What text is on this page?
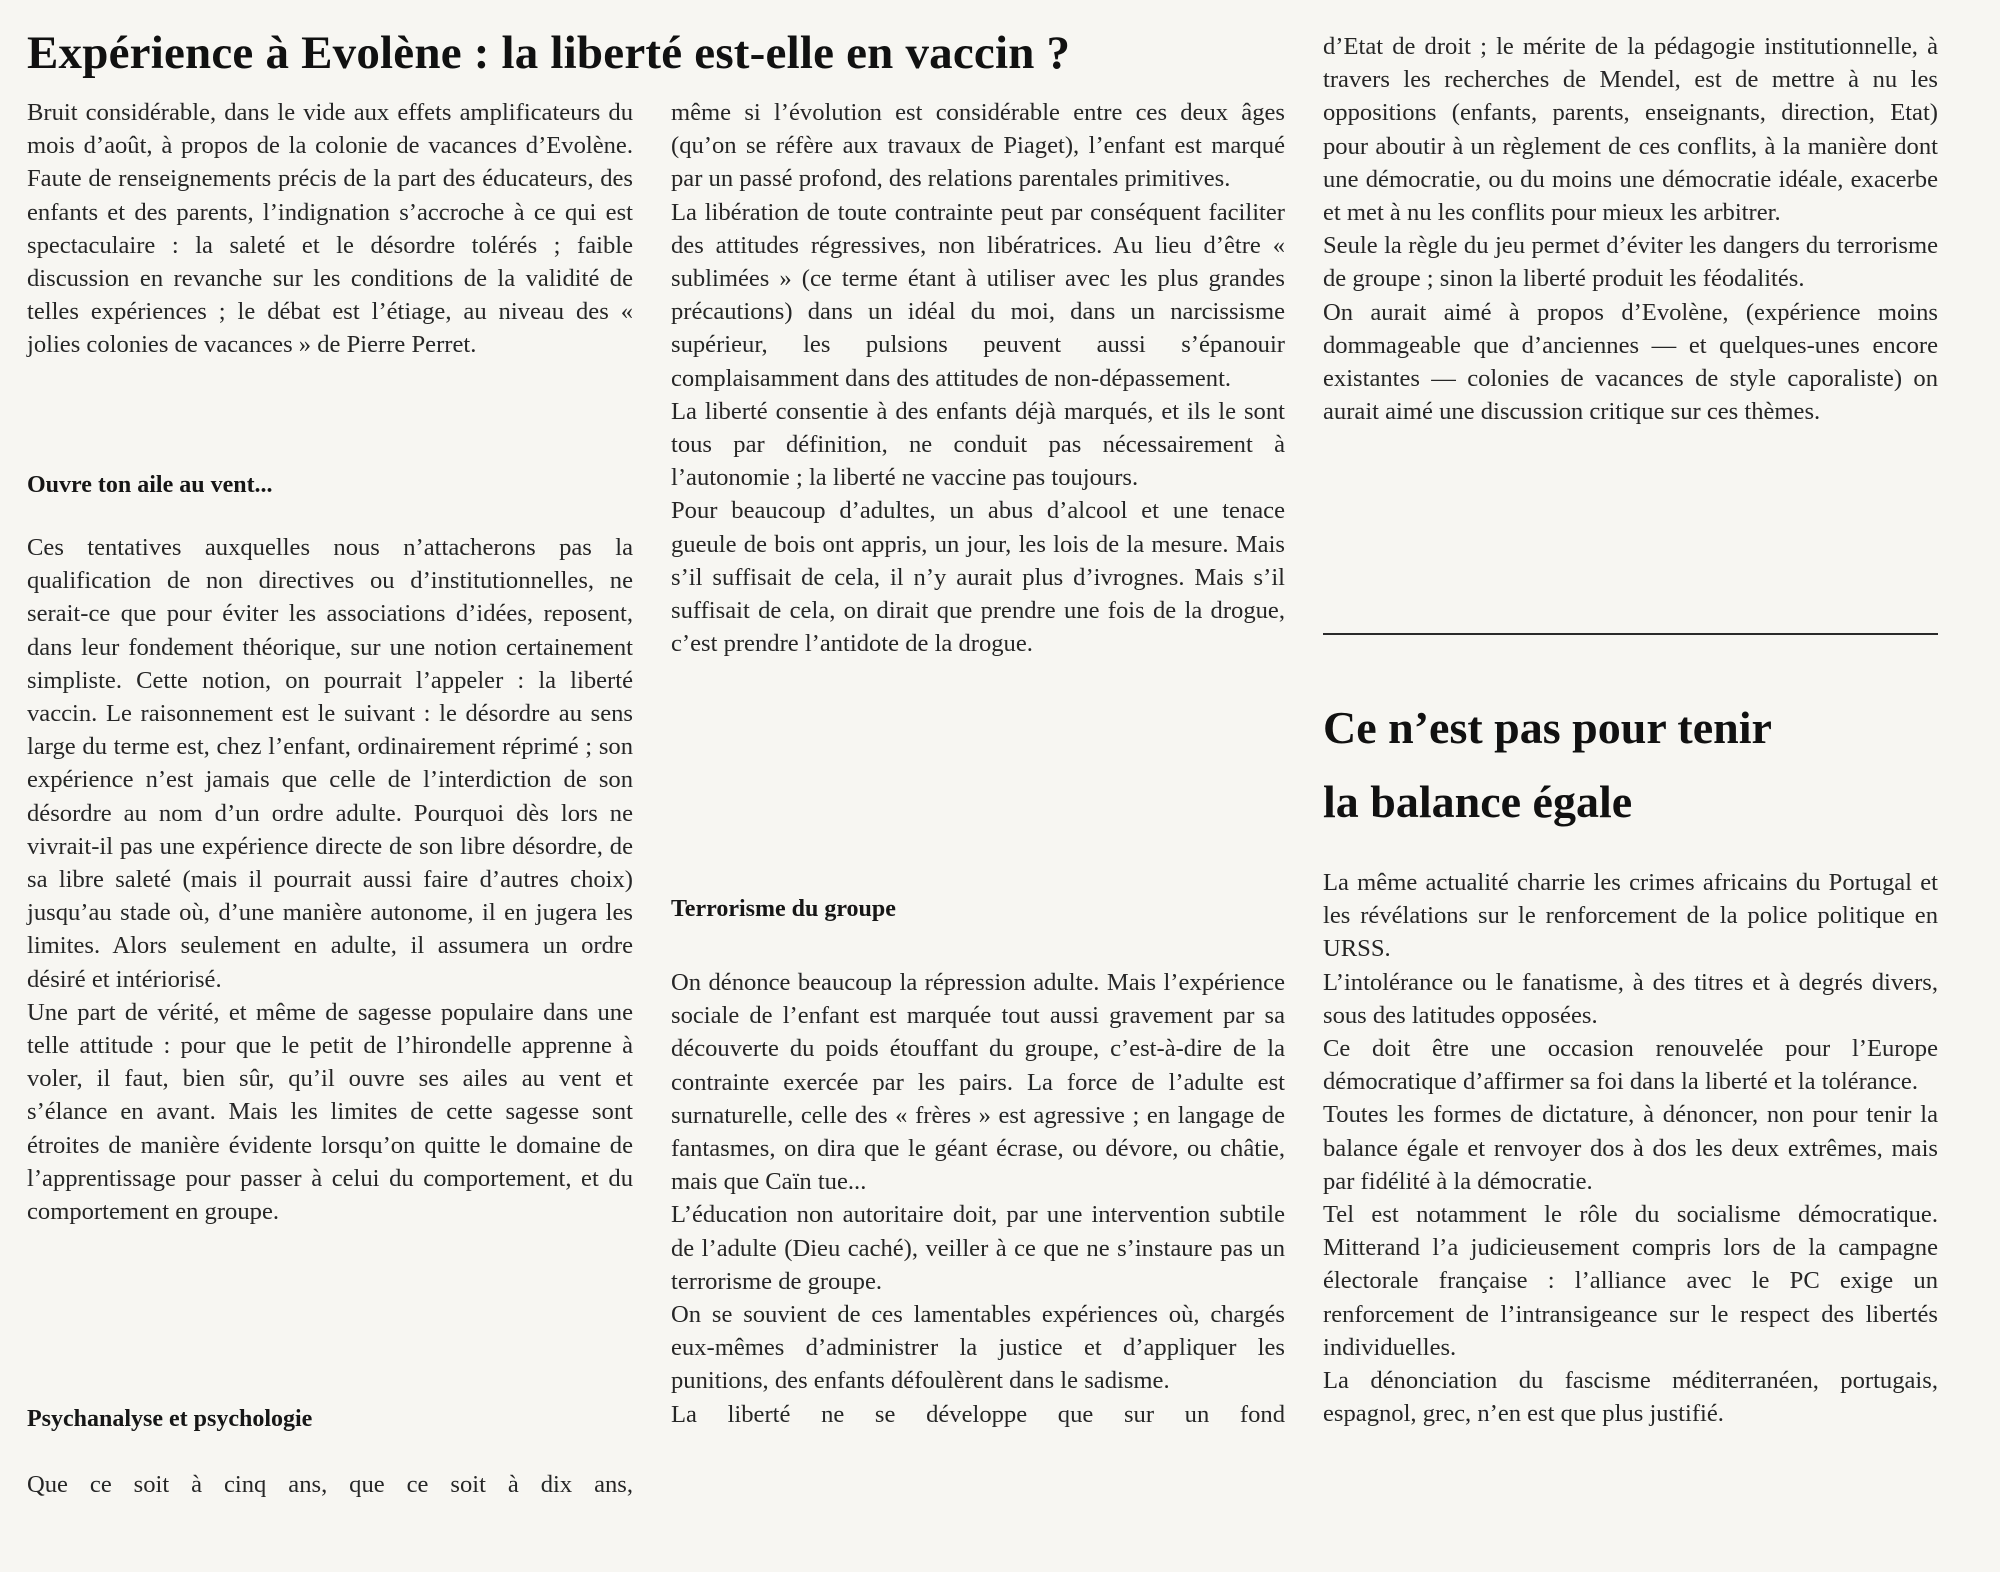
Expérience à Evolène : la liberté est-elle en vaccin ?

Bruit considérable, dans le vide aux effets amplificateurs du mois d’août, à propos de la colonie de vacances d’Evolène. Faute de renseignements précis de la part des éducateurs, des enfants et des parents, l’indignation s’accroche à ce qui est spectaculaire : la saleté et le désordre tolérés ; faible discussion en revanche sur les conditions de la validité de telles expériences ; le débat est l’étiage, au niveau des « jolies colonies de vacances » de Pierre Perret.

Ouvre ton aile au vent...

Ces tentatives auxquelles nous n’attacherons pas la qualification de non directives ou d’institutionnelles, ne serait-ce que pour éviter les associations d’idées, reposent, dans leur fondement théorique, sur une notion certainement simpliste. Cette notion, on pourrait l’appeler : la liberté vaccin. Le raisonnement est le suivant : le désordre au sens large du terme est, chez l’enfant, ordinairement réprimé ; son expérience n’est jamais que celle de l’interdiction de son désordre au nom d’un ordre adulte. Pourquoi dès lors ne vivrait-il pas une expérience directe de son libre désordre, de sa libre saleté (mais il pourrait aussi faire d’autres choix) jusqu’au stade où, d’une manière autonome, il en jugera les limites. Alors seulement en adulte, il assumera un ordre désiré et intériorisé.

Une part de vérité, et même de sagesse populaire dans une telle attitude : pour que le petit de l’hirondelle apprenne à voler, il faut, bien sûr, qu’il ouvre ses ailes au vent et s’élance en avant. Mais les limites de cette sagesse sont étroites de manière évidente lorsqu’on quitte le domaine de l’apprentissage pour passer à celui du comportement, et du comportement en groupe.

Psychanalyse et psychologie

Que ce soit à cinq ans, que ce soit à dix ans,

même si l’évolution est considérable entre ces deux âges (qu’on se réfère aux travaux de Piaget), l’enfant est marqué par un passé profond, des relations parentales primitives.

La libération de toute contrainte peut par conséquent faciliter des attitudes régressives, non libératrices. Au lieu d’être « sublimées » (ce terme étant à utiliser avec les plus grandes précautions) dans un idéal du moi, dans un narcissisme supérieur, les pulsions peuvent aussi s’épanouir complaisamment dans des attitudes de non-dépassement.

La liberté consentie à des enfants déjà marqués, et ils le sont tous par définition, ne conduit pas nécessairement à l’autonomie ; la liberté ne vaccine pas toujours.

Pour beaucoup d’adultes, un abus d’alcool et une tenace gueule de bois ont appris, un jour, les lois de la mesure. Mais s’il suffisait de cela, il n’y aurait plus d’ivrognes. Mais s’il suffisait de cela, on dirait que prendre une fois de la drogue, c’est prendre l’antidote de la drogue.

Terrorisme du groupe

On dénonce beaucoup la répression adulte. Mais l’expérience sociale de l’enfant est marquée tout aussi gravement par sa découverte du poids étouffant du groupe, c’est-à-dire de la contrainte exercée par les pairs. La force de l’adulte est surnaturelle, celle des « frères » est agressive ; en langage de fantasmes, on dira que le géant écrase, ou dévore, ou châtie, mais que Caïn tue...

L’éducation non autoritaire doit, par une intervention subtile de l’adulte (Dieu caché), veiller à ce que ne s’instaure pas un terrorisme de groupe.

On se souvient de ces lamentables expériences où, chargés eux-mêmes d’administrer la justice et d’appliquer les punitions, des enfants défoulèrent dans le sadisme.

La liberté ne se développe que sur un fond

d’Etat de droit ; le mérite de la pédagogie institutionnelle, à travers les recherches de Mendel, est de mettre à nu les oppositions (enfants, parents, enseignants, direction, Etat) pour aboutir à un règlement de ces conflits, à la manière dont une démocratie, ou du moins une démocratie idéale, exacerbe et met à nu les conflits pour mieux les arbitrer.

Seule la règle du jeu permet d’éviter les dangers du terrorisme de groupe ; sinon la liberté produit les féodalités.

On aurait aimé à propos d’Evolène, (expérience moins dommageable que d’anciennes — et quelques-unes encore existantes — colonies de vacances de style caporaliste) on aurait aimé une discussion critique sur ces thèmes.

Ce n’est pas pour tenir la balance égale

La même actualité charrie les crimes africains du Portugal et les révélations sur le renforcement de la police politique en URSS.

L’intolérance ou le fanatisme, à des titres et à degrés divers, sous des latitudes opposées.

Ce doit être une occasion renouvelée pour l’Europe démocratique d’affirmer sa foi dans la liberté et la tolérance.

Toutes les formes de dictature, à dénoncer, non pour tenir la balance égale et renvoyer dos à dos les deux extrêmes, mais par fidélité à la démocratie.

Tel est notamment le rôle du socialisme démocratique. Mitterand l’a judicieusement compris lors de la campagne électorale française : l’alliance avec le PC exige un renforcement de l’intransigeance sur le respect des libertés individuelles.

La dénonciation du fascisme méditerranéen, portugais, espagnol, grec, n’en est que plus justifié.
